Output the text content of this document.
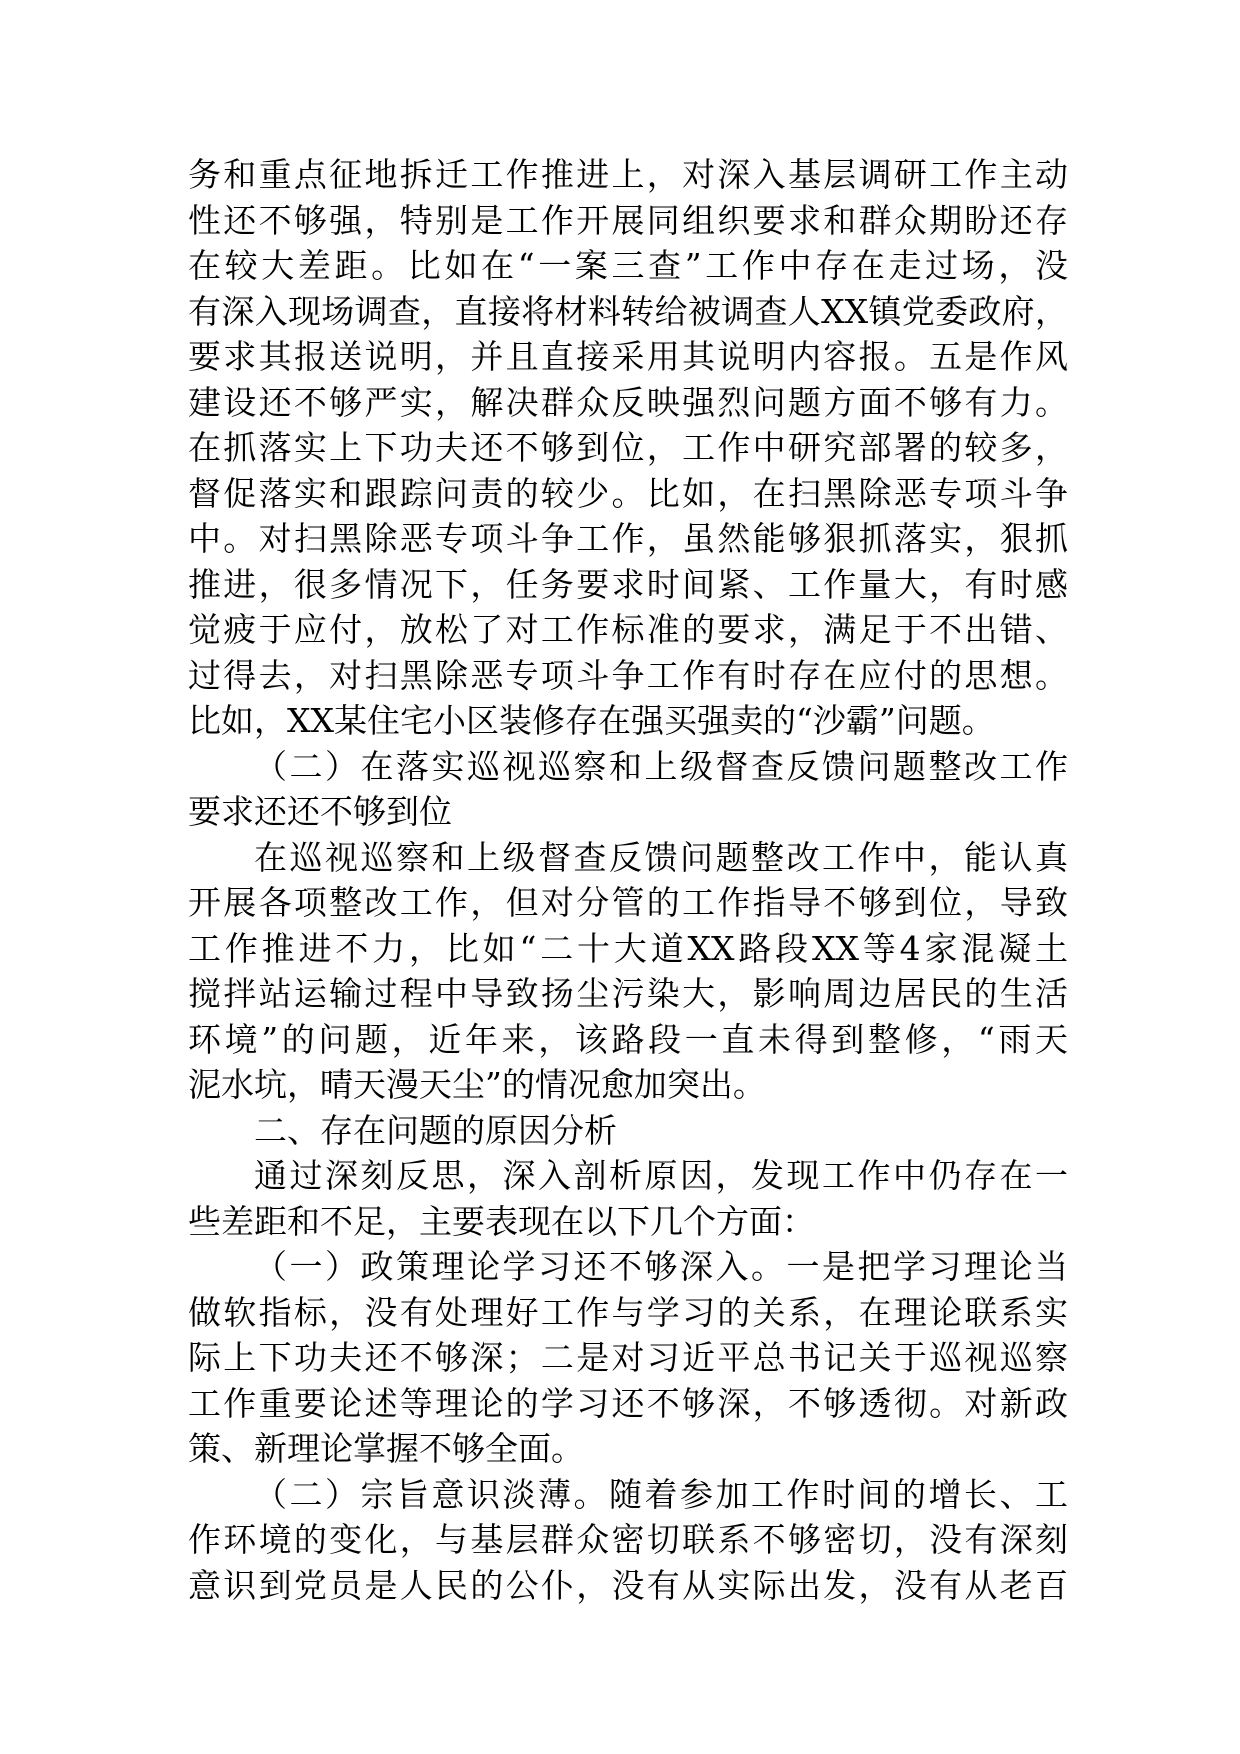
务和重点征地拆迁工作推进上，对深入基层调研工作主动
性还不够强，特别是工作开展同组织要求和群众期盼还存
在较大差距。比如在“一案三查”工作中存在走过场，没
有深入现场调查，直接将材料转给被调查人XX镇党委政府，
要求其报送说明，并且直接采用其说明内容报。五是作风
建设还不够严实，解决群众反映强烈问题方面不够有力。
在抓落实上下功夫还不够到位，工作中研究部署的较多，
督促落实和跟踪问责的较少。比如，在扫黑除恶专项斗争
中。对扫黑除恶专项斗争工作，虽然能够狠抓落实，狠抓
推进，很多情况下，任务要求时间紧、工作量大，有时感
觉疲于应付，放松了对工作标准的要求，满足于不出错、
过得去，对扫黑除恶专项斗争工作有时存在应付的思想。
比如，XX某住宅小区装修存在强买强卖的“沙霸”问题。
（二）在落实巡视巡察和上级督查反馈问题整改工作
要求还还不够到位
在巡视巡察和上级督查反馈问题整改工作中，能认真
开展各项整改工作，但对分管的工作指导不够到位，导致
工作推进不力，比如“二十大道XX路段XX等4家混凝土
搅拌站运输过程中导致扬尘污染大，影响周边居民的生活
环境”的问题，近年来，该路段一直未得到整修，“雨天
泥水坑，晴天漫天尘”的情况愈加突出。
二、存在问题的原因分析
通过深刻反思，深入剖析原因，发现工作中仍存在一
些差距和不足，主要表现在以下几个方面：
（一）政策理论学习还不够深入。一是把学习理论当
做软指标，没有处理好工作与学习的关系，在理论联系实
际上下功夫还不够深；二是对习近平总书记关于巡视巡察
工作重要论述等理论的学习还不够深，不够透彻。对新政
策、新理论掌握不够全面。
（二）宗旨意识淡薄。随着参加工作时间的增长、工
作环境的变化，与基层群众密切联系不够密切，没有深刻
意识到党员是人民的公仆，没有从实际出发，没有从老百
